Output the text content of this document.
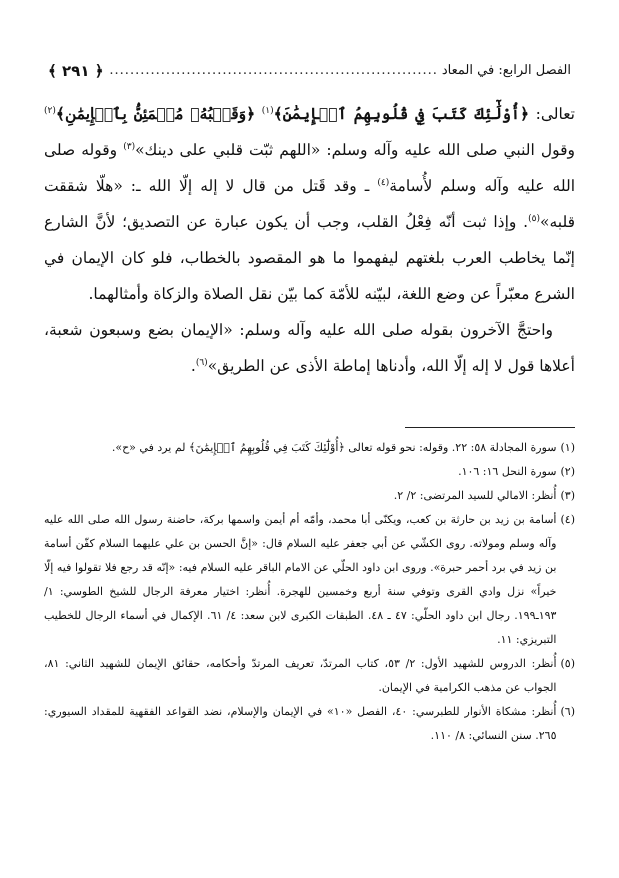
الفصل الرابع: في المعاد
.....
﴿ ٢٩١ ﴾

تعالى: ﴿أُوْلَٰٓئِكَ كَتَبَ فِي قُلُوبِهِمُ ٱلۡإِيمَٰنَ﴾$^{(١)}$ ﴿وَقَلۡبُهُۥ مُطۡمَئِنُّۢ بِٱلۡإِيمَٰنِ﴾$^{(٢)}$ وقول النبي صلى الله عليه وآله وسلم: «اللهم ثبّت قلبي على دينك»$^{(٣)}$ وقوله صلى الله عليه وآله وسلم لأُسامة$^{(٤)}$ ـ وقد قَتل من قال لا إله إلّا الله ـ: «هلّا شققت قلبه»$^{(٥)}$. وإذا ثبت أنّه فِعْلُ القلب، وجب أن يكون عبارة عن التصديق؛ لأنَّ الشارع إنّما يخاطب العرب بلغتهم ليفهموا ما هو المقصود بالخطاب، فلو كان الإيمان في الشرع معبّراً عن وضع اللغة، لبيّنه للأمّة كما بيّن نقل الصلاة والزكاة وأمثالهما.

واحتجَّ الآخرون بقوله صلى الله عليه وآله وسلم: «الإيمان بضع وسبعون شعبة، أعلاها قول لا إله إلّا الله، وأدناها إماطة الأذى عن الطريق»$^{(٦)}$.

(١)
سورة المجادلة ٥٨: ٢٢. وقوله: نحو قوله تعالى ﴿أُوْلَٰٓئِكَ كَتَبَ فِي قُلُوبِهِمُ ٱلۡإِيمَٰنَ﴾ لم يرد في «ح».
(٢)
سورة النحل ١٦: ١٠٦.
(٣)
أُنظر: الامالي للسيد المرتضى: ٢/ ٢.
(٤)
أسامة بن زيد بن حارثة بن كعب، ويكنّى أبا محمد، وأمّه أم أيمن واسمها بركة، حاضنة رسول الله صلى الله عليه وآله وسلم ومولاته. روى الكشّي عن أبي جعفر عليه السلام قال: «إنَّ الحسن بن علي عليهما السلام كفّن أسامة بن زيد في برد أحمر حبرة». وروى ابن داود الحلّي عن الامام الباقر عليه السلام فيه: «إنّه قد رجع فلا تقولوا فيه إلّا خيراً» نزل وادي القرى وتوفي سنة أربع وخمسين للهجرة. أُنظر: اختيار معرفة الرجال للشيخ الطوسي: ١/ ١٩٣ـ١٩٩. رجال ابن داود الحلّي: ٤٧ ـ ٤٨. الطبقات الكبرى لابن سعد: ٤/ ٦١. الإكمال في أسماء الرجال للخطيب التبريزي: ١١.
(٥)
أُنظر: الدروس للشهيد الأول: ٢/ ٥٣، كتاب المرتدّ، تعريف المرتدّ وأحكامه، حقائق الإيمان للشهيد الثاني: ٨١، الجواب عن مذهب الكرامية في الإيمان.
(٦)
أُنظر: مشكاة الأنوار للطبرسي: ٤٠، الفصل «١٠» في الإيمان والإسلام، نضد القواعد الفقهية للمقداد السيوري: ٢٦٥. سنن النسائي: ٨/ ١١٠.
